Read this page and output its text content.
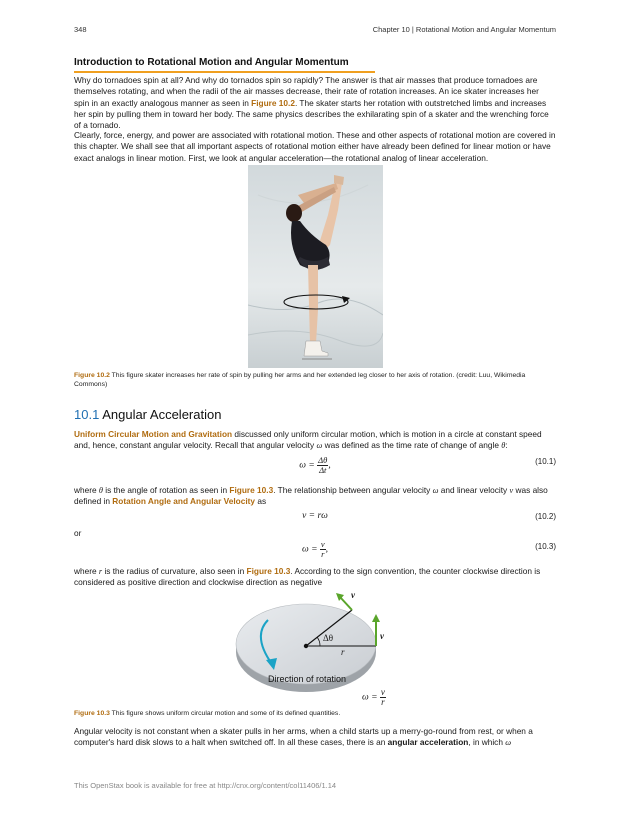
348	Chapter 10 | Rotational Motion and Angular Momentum
Introduction to Rotational Motion and Angular Momentum

Why do tornadoes spin at all? And why do tornados spin so rapidly? The answer is that air masses that produce tornadoes are themselves rotating, and when the radii of the air masses decrease, their rate of rotation increases. An ice skater increases her spin in an exactly analogous manner as seen in Figure 10.2. The skater starts her rotation with outstretched limbs and increases her spin by pulling them in toward her body. The same physics describes the exhilarating spin of a skater and the wrenching force of a tornado.

Clearly, force, energy, and power are associated with rotational motion. These and other aspects of rotational motion are covered in this chapter. We shall see that all important aspects of rotational motion either have already been defined for linear motion or have exact analogs in linear motion. First, we look at angular acceleration—the rotational analog of linear acceleration.

Figure 10.2 This figure skater increases her rate of spin by pulling her arms and her extended leg closer to her axis of rotation. (credit: Luu, Wikimedia Commons)
10.1 Angular Acceleration

Uniform Circular Motion and Gravitation discussed only uniform circular motion, which is motion in a circle at constant speed and, hence, constant angular velocity. Recall that angular velocity ω was defined as the time rate of change of angle θ:

$\omega = \frac{\Delta\theta}{\Delta t}$ ,	(10.1)

where θ is the angle of rotation as seen in Figure 10.3. The relationship between angular velocity ω and linear velocity v was also defined in Rotation Angle and Angular Velocity as

v = rω	(10.2)
or
$\omega = \frac{v}{r}$ ,	(10.3)

where r is the radius of curvature, also seen in Figure 10.3. According to the sign convention, the counter clockwise direction is considered as positive direction and clockwise direction as negative

v
v
Δθ
r
Direction of rotation
$\omega = \frac{v}{r}$
Figure 10.3 This figure shows uniform circular motion and some of its defined quantities.

Angular velocity is not constant when a skater pulls in her arms, when a child starts up a merry-go-round from rest, or when a computer's hard disk slows to a halt when switched off. In all these cases, there is an angular acceleration, in which ω

This OpenStax book is available for free at http://cnx.org/content/col11406/1.14
